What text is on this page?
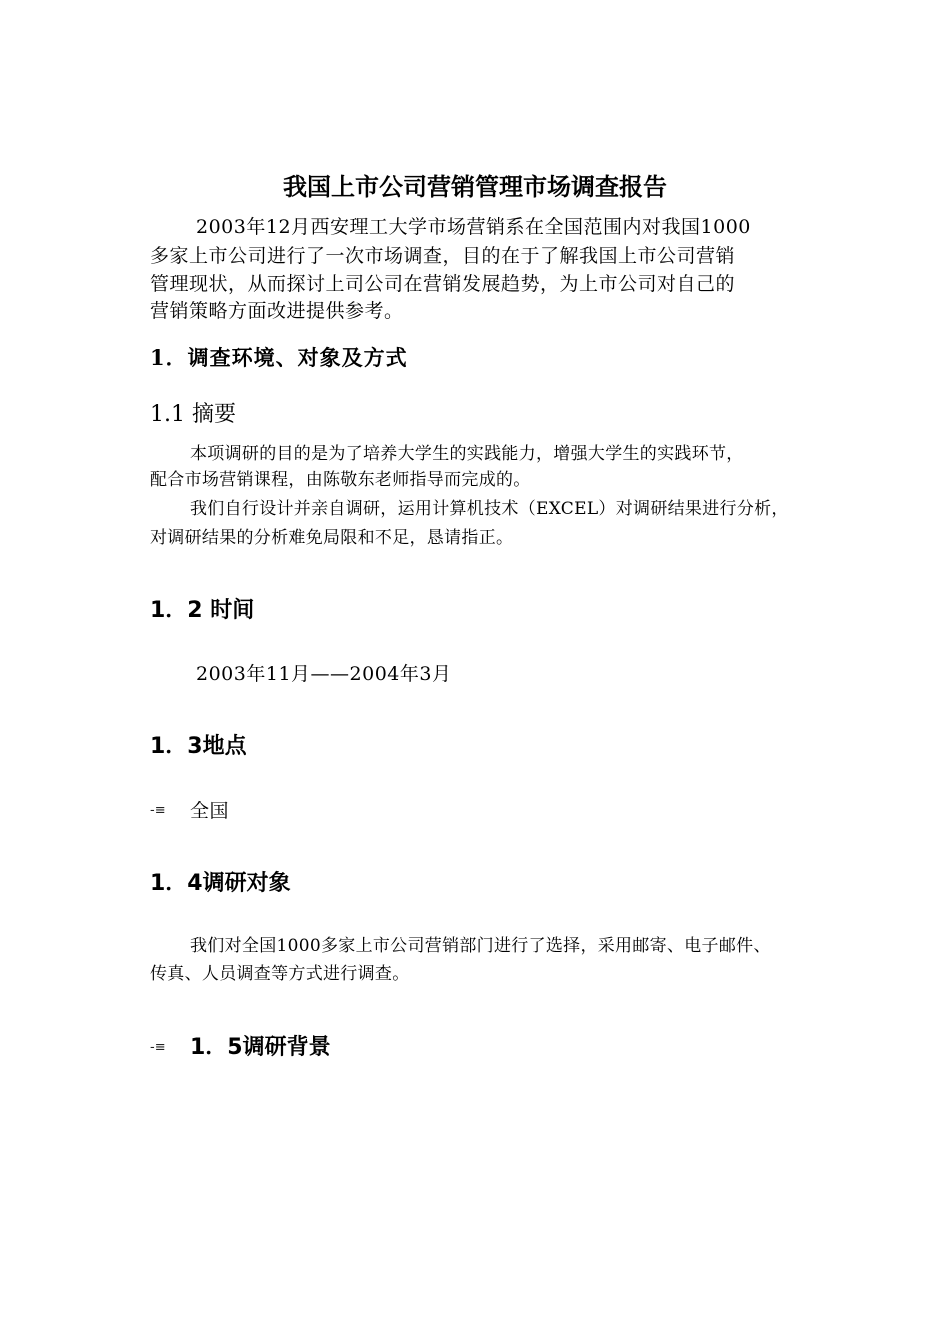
我国上市公司营销管理市场调查报告
2003年12月西安理工大学市场营销系在全国范围内对我国1000
多家上市公司进行了一次市场调查，目的在于了解我国上市公司营销
管理现状，从而探讨上司公司在营销发展趋势，为上市公司对自己的
营销策略方面改进提供参考。
1．调查环境、对象及方式
1.1 摘要
本项调研的目的是为了培养大学生的实践能力，增强大学生的实践环节，
配合市场营销课程，由陈敬东老师指导而完成的。
我们自行设计并亲自调研，运用计算机技术（EXCEL）对调研结果进行分析，
对调研结果的分析难免局限和不足，恳请指正。
1．2 时间
2003年11月——2004年3月
1．3地点
-≡ 全国
1．4调研对象
我们对全国1000多家上市公司营销部门进行了选择，采用邮寄、电子邮件、
传真、人员调查等方式进行调查。
-≡ 1．5调研背景
